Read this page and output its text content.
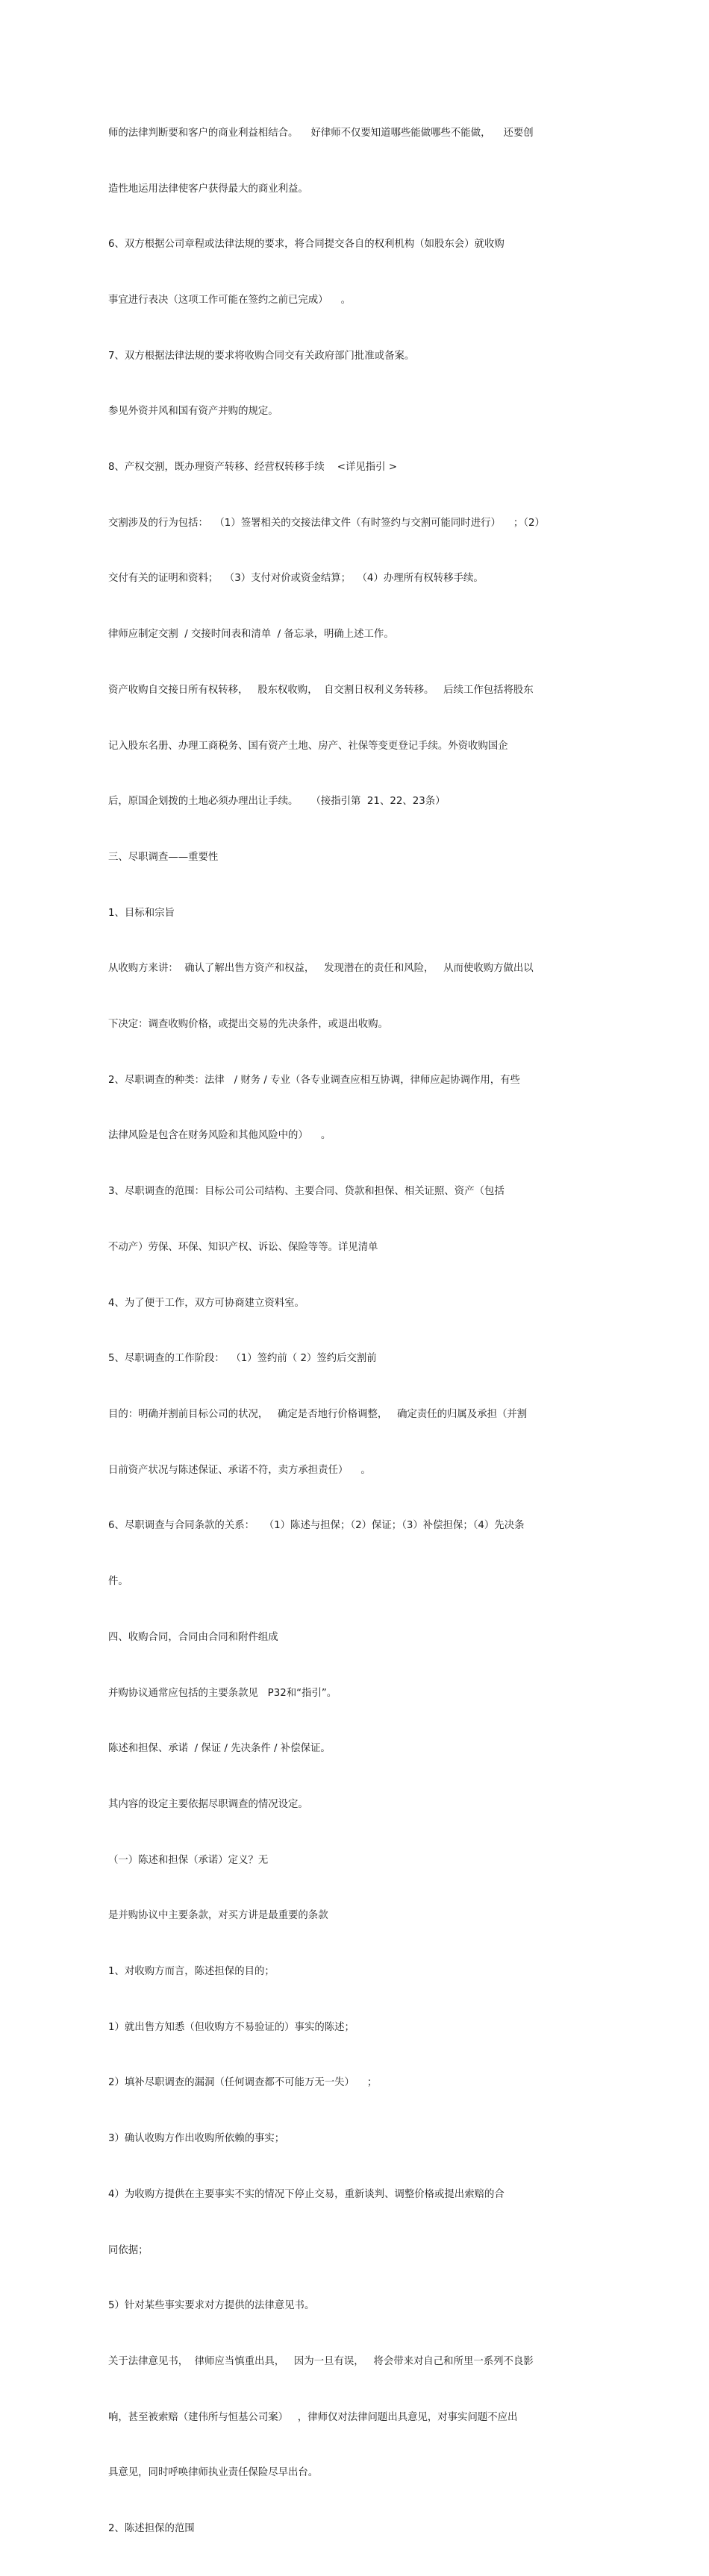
师的法律判断要和客户的商业利益相结合。    好律师不仅要知道哪些能做哪些不能做，    还要创

造性地运用法律使客户获得最大的商业利益。

6、双方根据公司章程或法律法规的要求，将合同提交各自的权利机构（如股东会）就收购

事宜进行表决（这项工作可能在签约之前已完成）    。

7、双方根据法律法规的要求将收购合同交有关政府部门批准或备案。

参见外资并风和国有资产并购的规定。

8、产权交割，既办理资产转移、经营权转移手续    <详见指引 >

交割涉及的行为包括：  （1）签署相关的交接法律文件（有时签约与交割可能同时进行）    ；（2）

交付有关的证明和资料；  （3）支付对价或资金结算；  （4）办理所有权转移手续。

律师应制定交割  / 交接时间表和清单  / 备忘录，明确上述工作。

资产收购自交接日所有权转移，   股东权收购，  自交割日权利义务转移。   后续工作包括将股东

记入股东名册、办理工商税务、国有资产土地、房产、社保等变更登记手续。外资收购国企

后，原国企划拨的土地必须办理出让手续。    （接指引第  21、22、23条）

三、尽职调查——重要性

1、目标和宗旨

从收购方来讲：  确认了解出售方资产和权益，   发现潜在的责任和风险，   从而使收购方做出以

下决定：调查收购价格，或提出交易的先决条件，或退出收购。

2、尽职调查的种类：法律   / 财务 / 专业（各专业调查应相互协调，律师应起协调作用，有些

法律风险是包含在财务风险和其他风险中的）    。

3、尽职调查的范围：目标公司公司结构、主要合同、贷款和担保、相关证照、资产（包括

不动产）劳保、环保、知识产权、诉讼、保险等等。详见清单

4、为了便于工作，双方可协商建立资料室。

5、尽职调查的工作阶段：  （1）签约前（ 2）签约后交割前

目的：明确并割前目标公司的状况，   确定是否地行价格调整，   确定责任的归属及承担（并割

日前资产状况与陈述保证、承诺不符，卖方承担责任）    。

6、尽职调查与合同条款的关系：   （1）陈述与担保；（2）保证；（3）补偿担保；（4）先决条

件。

四、收购合同，合同由合同和附件组成

并购协议通常应包括的主要条款见   P32和“指引”。

陈述和担保、承诺  / 保证 / 先决条件 / 补偿保证。

其内容的设定主要依据尽职调查的情况设定。

（一）陈述和担保（承诺）定义？无

是并购协议中主要条款，对买方讲是最重要的条款

1、对收购方而言，陈述担保的目的；

1）就出售方知悉（但收购方不易验证的）事实的陈述；

2）填补尽职调查的漏洞（任何调查都不可能万无一失）    ；

3）确认收购方作出收购所依赖的事实；

4）为收购方提供在主要事实不实的情况下停止交易，重新谈判、调整价格或提出索赔的合

同依据；

5）针对某些事实要求对方提供的法律意见书。

关于法律意见书，  律师应当慎重出具，   因为一旦有误，   将会带来对自己和所里一系列不良影

响，甚至被索赔（建伟所与恒基公司案）   ，律师仅对法律问题出具意见，对事实问题不应出

具意见，同时呼唤律师执业责任保险尽早出台。

2、陈述担保的范围
